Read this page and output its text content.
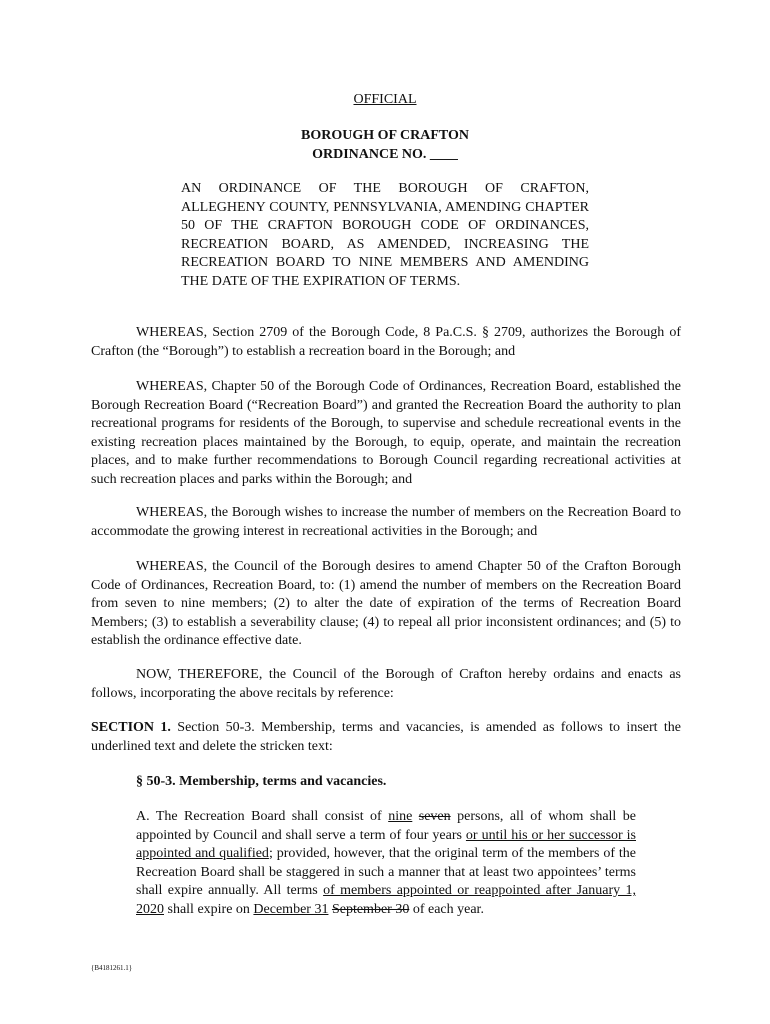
OFFICIAL

BOROUGH OF CRAFTON

ORDINANCE NO. ____

AN ORDINANCE OF THE BOROUGH OF CRAFTON, ALLEGHENY COUNTY, PENNSYLVANIA, AMENDING CHAPTER 50 OF THE CRAFTON BOROUGH CODE OF ORDINANCES, RECREATION BOARD, AS AMENDED, INCREASING THE RECREATION BOARD TO NINE MEMBERS AND AMENDING THE DATE OF THE EXPIRATION OF TERMS.

WHEREAS, Section 2709 of the Borough Code, 8 Pa.C.S. § 2709, authorizes the Borough of Crafton (the “Borough”) to establish a recreation board in the Borough; and

WHEREAS, Chapter 50 of the Borough Code of Ordinances, Recreation Board, established the Borough Recreation Board (“Recreation Board”) and granted the Recreation Board the authority to plan recreational programs for residents of the Borough, to supervise and schedule recreational events in the existing recreation places maintained by the Borough, to equip, operate, and maintain the recreation places, and to make further recommendations to Borough Council regarding recreational activities at such recreation places and parks within the Borough; and

WHEREAS, the Borough wishes to increase the number of members on the Recreation Board to accommodate the growing interest in recreational activities in the Borough; and

WHEREAS, the Council of the Borough desires to amend Chapter 50 of the Crafton Borough Code of Ordinances, Recreation Board, to: (1) amend the number of members on the Recreation Board from seven to nine members; (2) to alter the date of expiration of the terms of Recreation Board Members; (3) to establish a severability clause; (4) to repeal all prior inconsistent ordinances; and (5) to establish the ordinance effective date.

NOW, THEREFORE, the Council of the Borough of Crafton hereby ordains and enacts as follows, incorporating the above recitals by reference:

SECTION 1. Section 50-3. Membership, terms and vacancies, is amended as follows to insert the underlined text and delete the stricken text:

§ 50-3. Membership, terms and vacancies.

A. The Recreation Board shall consist of nine seven persons, all of whom shall be appointed by Council and shall serve a term of four years or until his or her successor is appointed and qualified; provided, however, that the original term of the members of the Recreation Board shall be staggered in such a manner that at least two appointees’ terms shall expire annually. All terms of members appointed or reappointed after January 1, 2020 shall expire on December 31 September 30 of each year.

{B4181261.1}
